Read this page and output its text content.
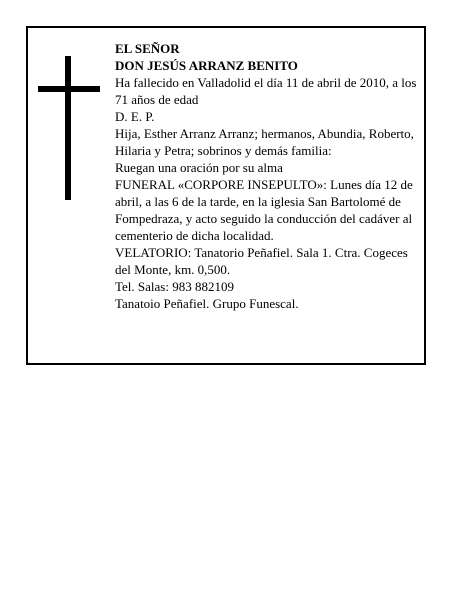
EL SEÑOR

DON JESÚS ARRANZ BENITO

Ha fallecido en Valladolid el día 11 de abril de 2010, a los 71 años de edad

D. E. P.

Hija, Esther Arranz Arranz; hermanos, Abundia, Roberto, Hilaria y Petra; sobrinos y demás familia:

Ruegan una oración por su alma

FUNERAL «CORPORE INSEPULTO»: Lunes día 12 de abril, a las 6 de la tarde, en la iglesia San Bartolomé de Fompedraza, y acto seguido la conducción del cadáver al cementerio de dicha localidad.

VELATORIO: Tanatorio Peñafiel. Sala 1. Ctra. Cogeces del Monte, km. 0,500.

Tel. Salas: 983 882109

Tanatoio Peñafiel. Grupo Funescal.
